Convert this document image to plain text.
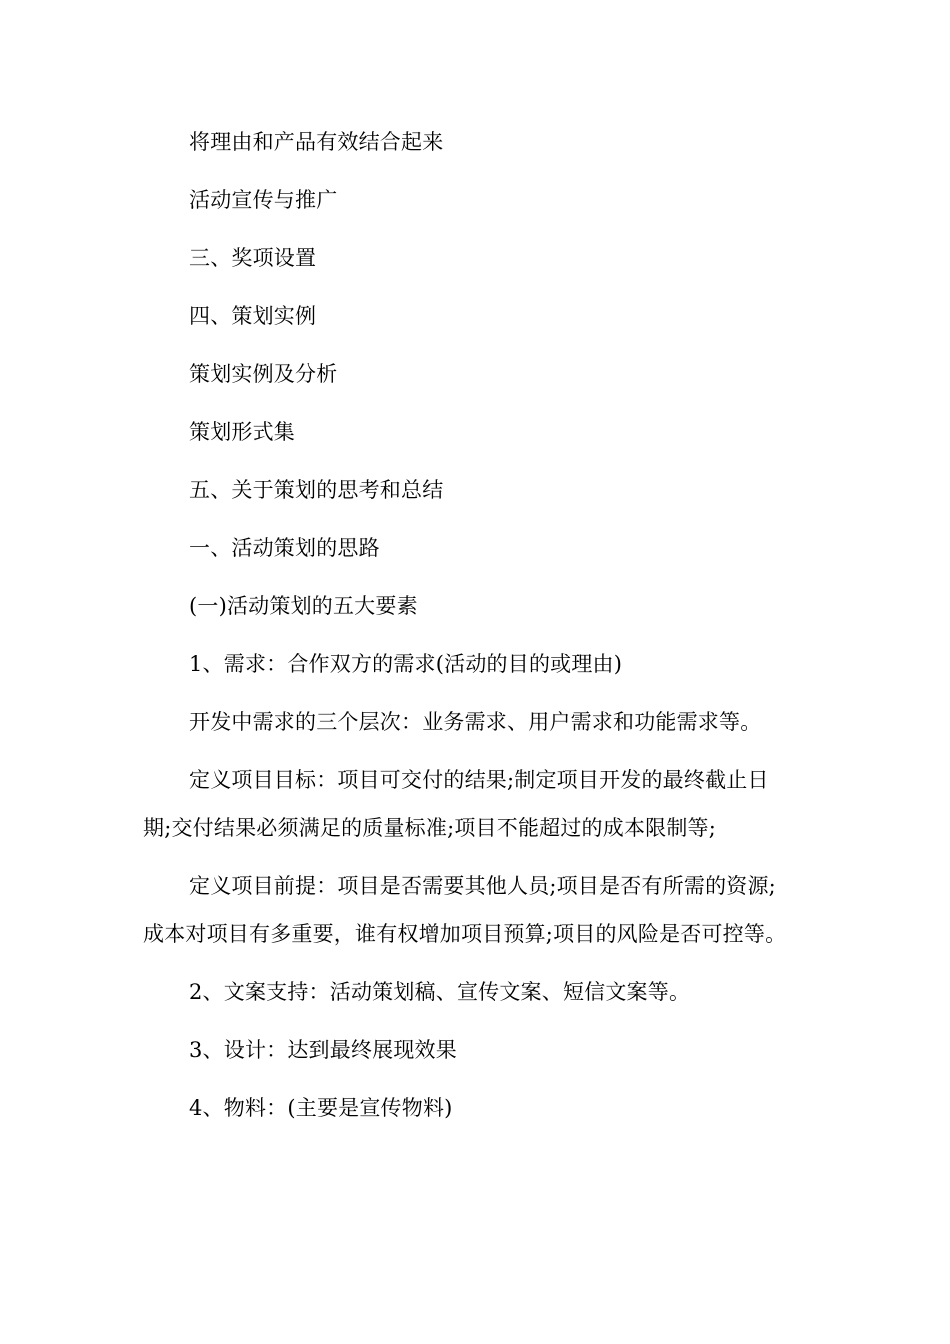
将理由和产品有效结合起来
活动宣传与推广
三、奖项设置
四、策划实例
策划实例及分析
策划形式集
五、关于策划的思考和总结
一、活动策划的思路
(一)活动策划的五大要素
1、需求：合作双方的需求(活动的目的或理由)
开发中需求的三个层次：业务需求、用户需求和功能需求等。
定义项目目标：项目可交付的结果;制定项目开发的最终截止日
期;交付结果必须满足的质量标准;项目不能超过的成本限制等;
定义项目前提：项目是否需要其他人员;项目是否有所需的资源;
成本对项目有多重要，谁有权增加项目预算;项目的风险是否可控等。
2、文案支持：活动策划稿、宣传文案、短信文案等。
3、设计：达到最终展现效果
4、物料：(主要是宣传物料)
